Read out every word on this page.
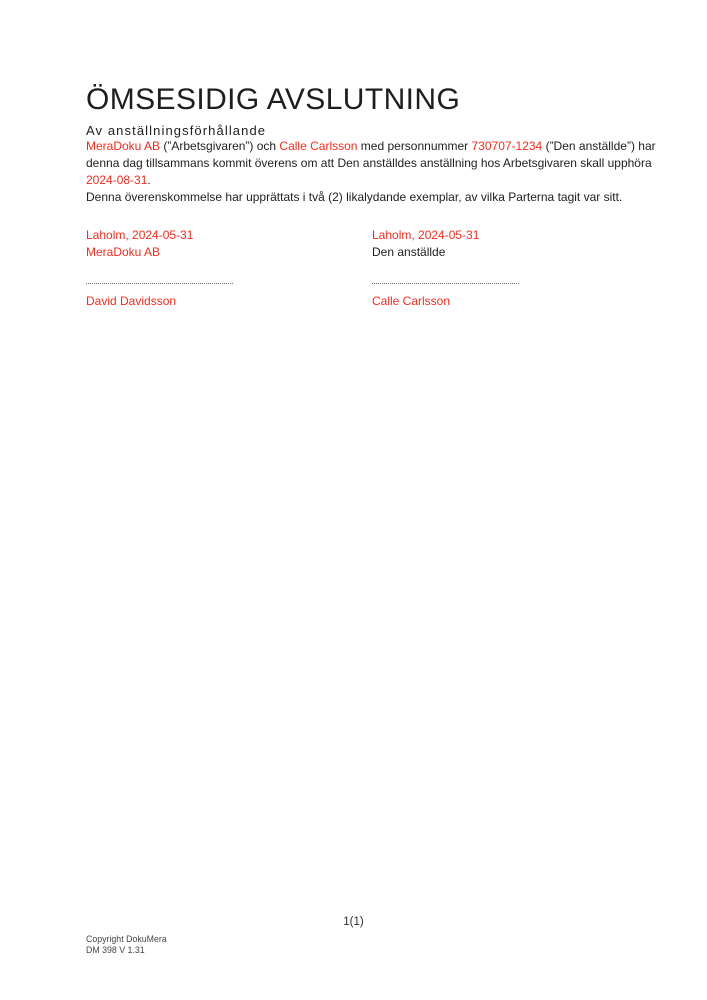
ÖMSESIDIG AVSLUTNING
Av anställningsförhållande

MeraDoku AB (”Arbetsgivaren”) och Calle Carlsson med personnummer 730707-1234 (”Den anställde”) har denna dag tillsammans kommit överens om att Den anställdes anställning hos Arbetsgivaren skall upphöra 2024-08-31.

Denna överenskommelse har upprättats i två (2) likalydande exemplar, av vilka Parterna tagit var sitt.

Laholm, 2024-05-31
MeraDoku AB
David Davidsson
Laholm, 2024-05-31
Den anställde
Calle Carlsson
1(1)
Copyright DokuMera
DM 398 V 1.31
